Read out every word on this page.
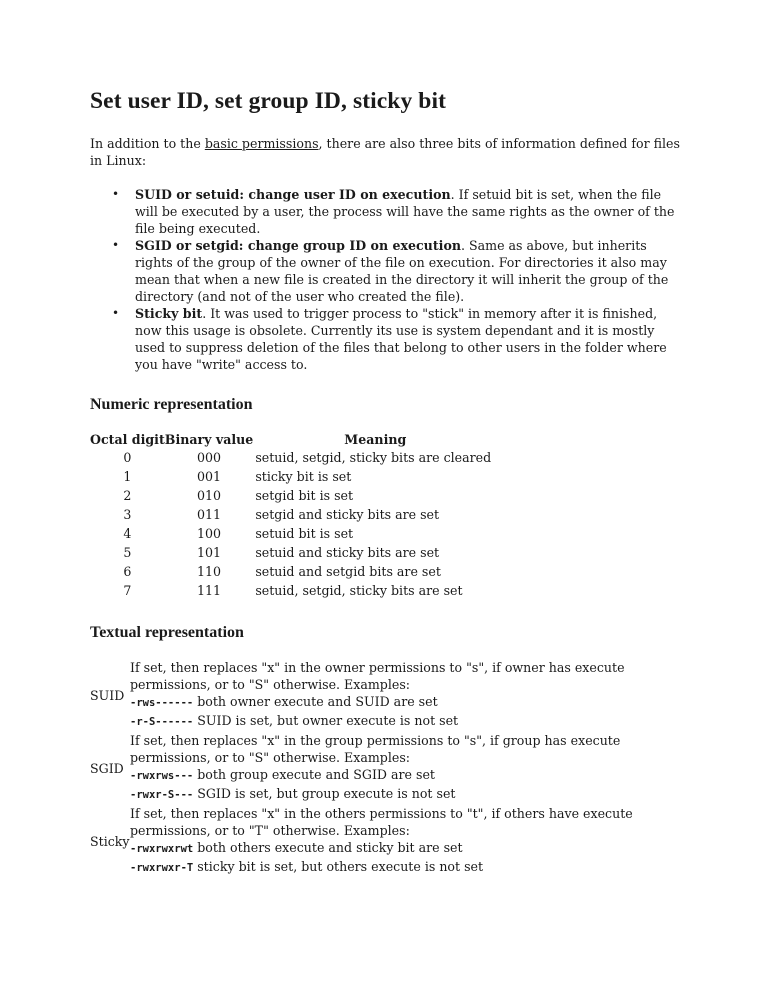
Set user ID, set group ID, sticky bit

In addition to the basic permissions, there are also three bits of information defined for files in Linux:

• SUID or setuid: change user ID on execution. If setuid bit is set, when the file will be executed by a user, the process will have the same rights as the owner of the file being executed.
• SGID or setgid: change group ID on execution. Same as above, but inherits rights of the group of the owner of the file on execution. For directories it also may mean that when a new file is created in the directory it will inherit the group of the directory (and not of the user who created the file).
• Sticky bit. It was used to trigger process to "stick" in memory after it is finished, now this usage is obsolete. Currently its use is system dependant and it is mostly used to suppress deletion of the files that belong to other users in the folder where you have "write" access to.
Numeric representation
Octal digit	Binary value	Meaning
0	000	setuid, setgid, sticky bits are cleared
1	001	sticky bit is set
2	010	setgid bit is set
3	011	setgid and sticky bits are set
4	100	setuid bit is set
5	101	setuid and sticky bits are set
6	110	setuid and setgid bits are set
7	111	setuid, setgid, sticky bits are set
Textual representation
SUID	If set, then replaces "x" in the owner permissions to "s", if owner has execute permissions, or to "S" otherwise. Examples:
-rws------ both owner execute and SUID are set
-r-S------ SUID is set, but owner execute is not set

SGID	If set, then replaces "x" in the group permissions to "s", if group has execute permissions, or to "S" otherwise. Examples:
-rwxrws--- both group execute and SGID are set
-rwxr-S--- SGID is set, but group execute is not set

Sticky	If set, then replaces "x" in the others permissions to "t", if others have execute permissions, or to "T" otherwise. Examples:
-rwxrwxrwt both others execute and sticky bit are set
-rwxrwxr-T sticky bit is set, but others execute is not set
